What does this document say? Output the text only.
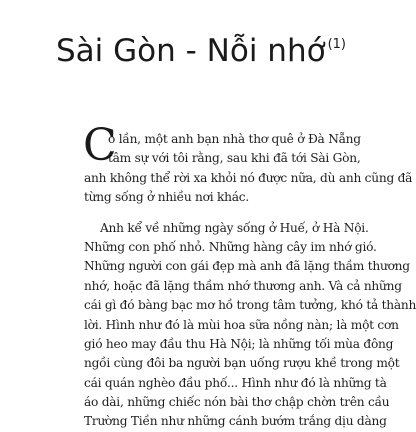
Sài Gòn - Nỗi nhớ $^{(1)}$
C
ó lần, một anh bạn nhà thơ quê ở Đà Nẵng
tâm sự với tôi rằng, sau khi đã tới Sài Gòn,
anh không thể rời xa khỏi nó được nữa, dù anh cũng đã
từng sống ở nhiều nơi khác.
Anh kể về những ngày sống ở Huế, ở Hà Nội.
Những con phố nhỏ. Những hàng cây im nhớ gió.
Những người con gái đẹp mà anh đã lặng thầm thương
nhớ, hoặc đã lặng thầm nhớ thương anh. Và cả những
cái gì đó bàng bạc mơ hồ trong tâm tưởng, khó tả thành
lời. Hình như đó là mùi hoa sữa nồng nàn; là một cơn
gió heo may đầu thu Hà Nội; là những tối mùa đông
ngồi cùng đôi ba người bạn uống rượu khề trong một
cái quán nghèo đầu phố... Hình như đó là những tà
áo dài, những chiếc nón bài thơ chập chờn trên cầu
Trường Tiền như những cánh bướm trắng dịu dàng
